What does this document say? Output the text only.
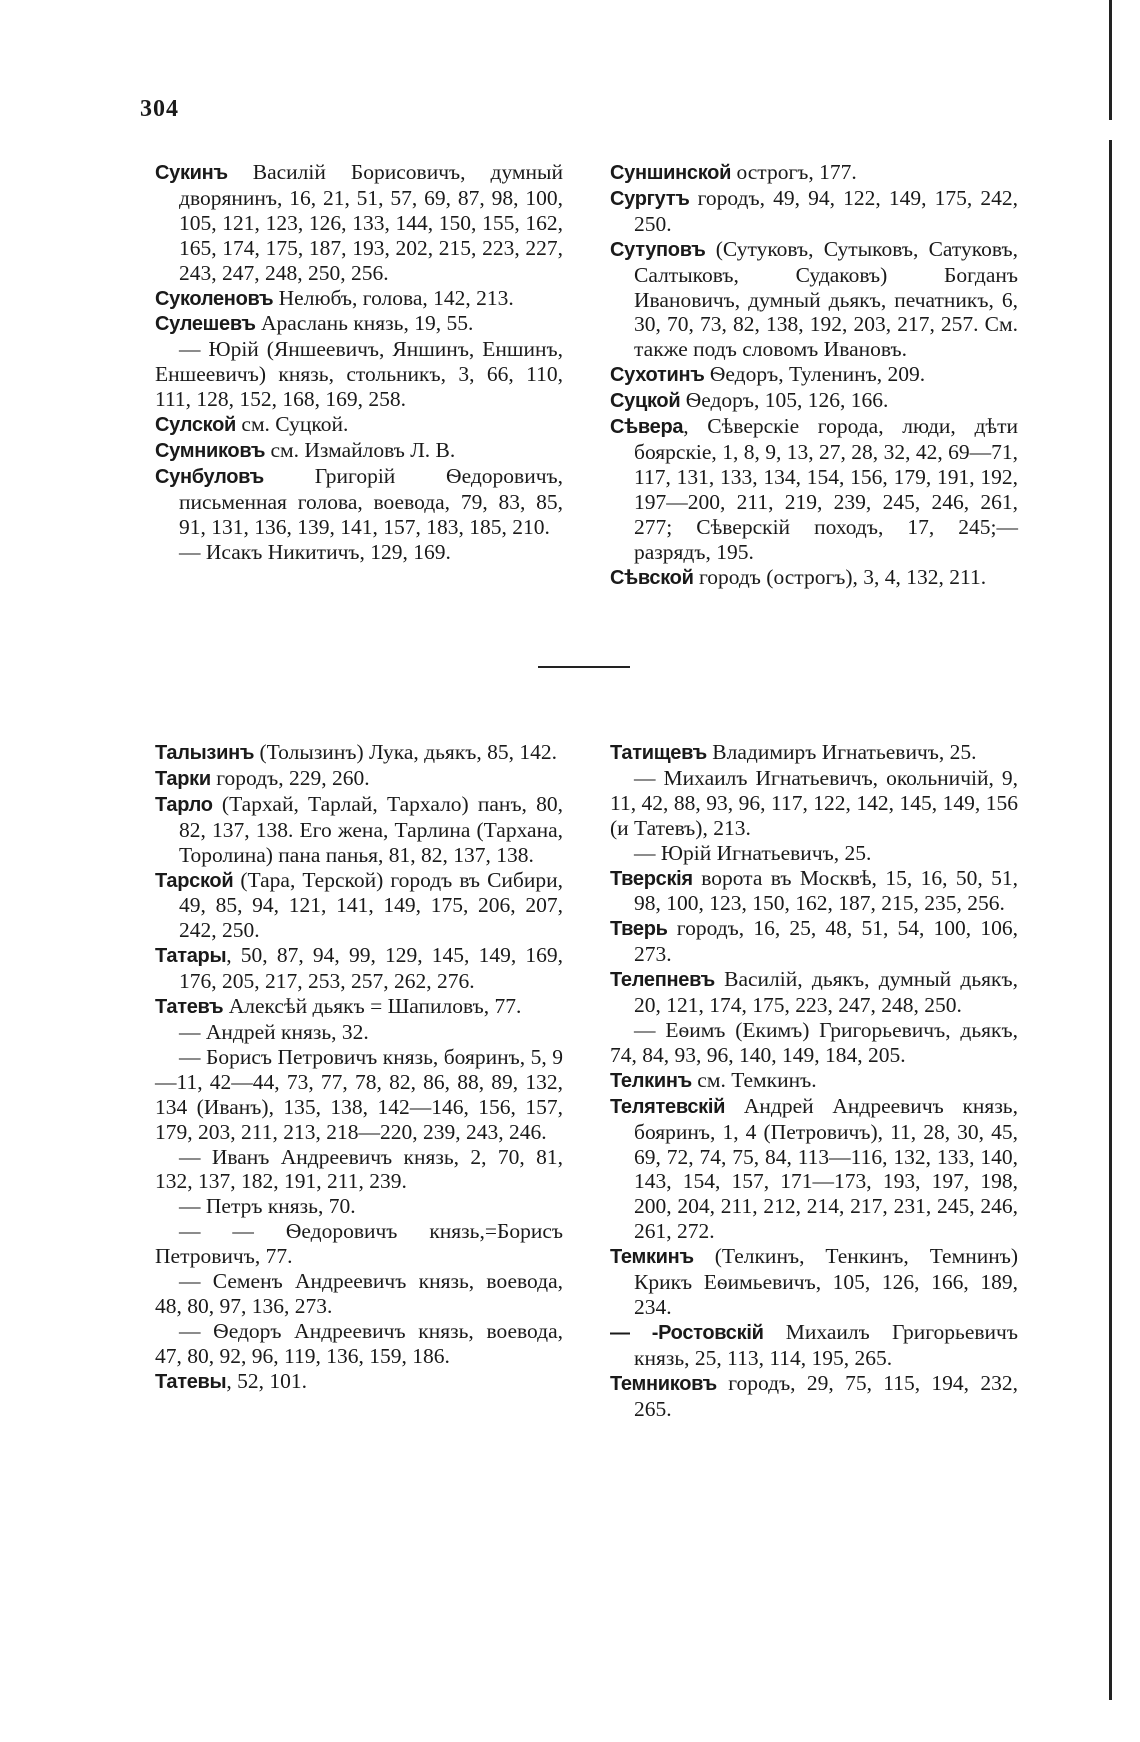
304

Сукинъ Василій Борисовичъ, думный дворянинъ, 16, 21, 51, 57, 69, 87, 98, 100, 105, 121, 123, 126, 133, 144, 150, 155, 162, 165, 174, 175, 187, 193, 202, 215, 223, 227, 243, 247, 248, 250, 256.

Суколеновъ Нелюбъ, голова, 142, 213.

Сулешевъ Араслань князь, 19, 55.

— Юрій (Яншеевичъ, Яншинъ, Еншинъ, Еншеевичъ) князь, стольникъ, 3, 66, 110, 111, 128, 152, 168, 169, 258.

Сулской см. Суцкой.

Сумниковъ см. Измайловъ Л. В.

Сунбуловъ Григорій Ѳедоровичъ, письменная голова, воевода, 79, 83, 85, 91, 131, 136, 139, 141, 157, 183, 185, 210.

— Исакъ Никитичъ, 129, 169.

Суншинской острогъ, 177.

Сургутъ городъ, 49, 94, 122, 149, 175, 242, 250.

Сутуповъ (Сутуковъ, Сутыковъ, Сатуковъ, Салтыковъ, Судаковъ) Богданъ Ивановичъ, думный дьякъ, печатникъ, 6, 30, 70, 73, 82, 138, 192, 203, 217, 257. См. также подъ словомъ Ивановъ.

Сухотинъ Ѳедоръ, Туленинъ, 209.

Суцкой Ѳедоръ, 105, 126, 166.

Сѣвера, Сѣверскіе города, люди, дѣти боярскіе, 1, 8, 9, 13, 27, 28, 32, 42, 69—71, 117, 131, 133, 134, 154, 156, 179, 191, 192, 197—200, 211, 219, 239, 245, 246, 261, 277; Сѣверскій походъ, 17, 245;—разрядъ, 195.

Сѣвской городъ (острогъ), 3, 4, 132, 211.

Талызинъ (Толызинъ) Лука, дьякъ, 85, 142.

Тарки городъ, 229, 260.

Тарло (Тархай, Тарлай, Тархало) панъ, 80, 82, 137, 138. Его жена, Тарлина (Тархана, Торолина) пана панья, 81, 82, 137, 138.

Тарской (Тара, Терской) городъ въ Сибири, 49, 85, 94, 121, 141, 149, 175, 206, 207, 242, 250.

Татары, 50, 87, 94, 99, 129, 145, 149, 169, 176, 205, 217, 253, 257, 262, 276.

Татевъ Алексѣй дьякъ = Шапиловъ, 77.

— Андрей князь, 32.

— Борисъ Петровичъ князь, бояринъ, 5, 9—11, 42—44, 73, 77, 78, 82, 86, 88, 89, 132, 134 (Иванъ), 135, 138, 142—146, 156, 157, 179, 203, 211, 213, 218—220, 239, 243, 246.

— Иванъ Андреевичъ князь, 2, 70, 81, 132, 137, 182, 191, 211, 239.

— Петръ князь, 70.

— — Ѳедоровичъ князь,=Борисъ Петровичъ, 77.

— Семенъ Андреевичъ князь, воевода, 48, 80, 97, 136, 273.

— Ѳедоръ Андреевичъ князь, воевода, 47, 80, 92, 96, 119, 136, 159, 186.

Татевы, 52, 101.

Татищевъ Владимиръ Игнатьевичъ, 25.

— Михаилъ Игнатьевичъ, окольничій, 9, 11, 42, 88, 93, 96, 117, 122, 142, 145, 149, 156 (и Татевъ), 213.

— Юрій Игнатьевичъ, 25.

Тверскія ворота въ Москвѣ, 15, 16, 50, 51, 98, 100, 123, 150, 162, 187, 215, 235, 256.

Тверь городъ, 16, 25, 48, 51, 54, 100, 106, 273.

Телепневъ Василій, дьякъ, думный дьякъ, 20, 121, 174, 175, 223, 247, 248, 250.

— Еѳимъ (Екимъ) Григорьевичъ, дьякъ, 74, 84, 93, 96, 140, 149, 184, 205.

Телкинъ см. Темкинъ.

Телятевскій Андрей Андреевичъ князь, бояринъ, 1, 4 (Петровичъ), 11, 28, 30, 45, 69, 72, 74, 75, 84, 113—116, 132, 133, 140, 143, 154, 157, 171—173, 193, 197, 198, 200, 204, 211, 212, 214, 217, 231, 245, 246, 261, 272.

Темкинъ (Телкинъ, Тенкинъ, Темнинъ) Крикъ Еѳимьевичъ, 105, 126, 166, 189, 234.

— -Ростовскій Михаилъ Григорьевичъ князь, 25, 113, 114, 195, 265.

Темниковъ городъ, 29, 75, 115, 194, 232, 265.
